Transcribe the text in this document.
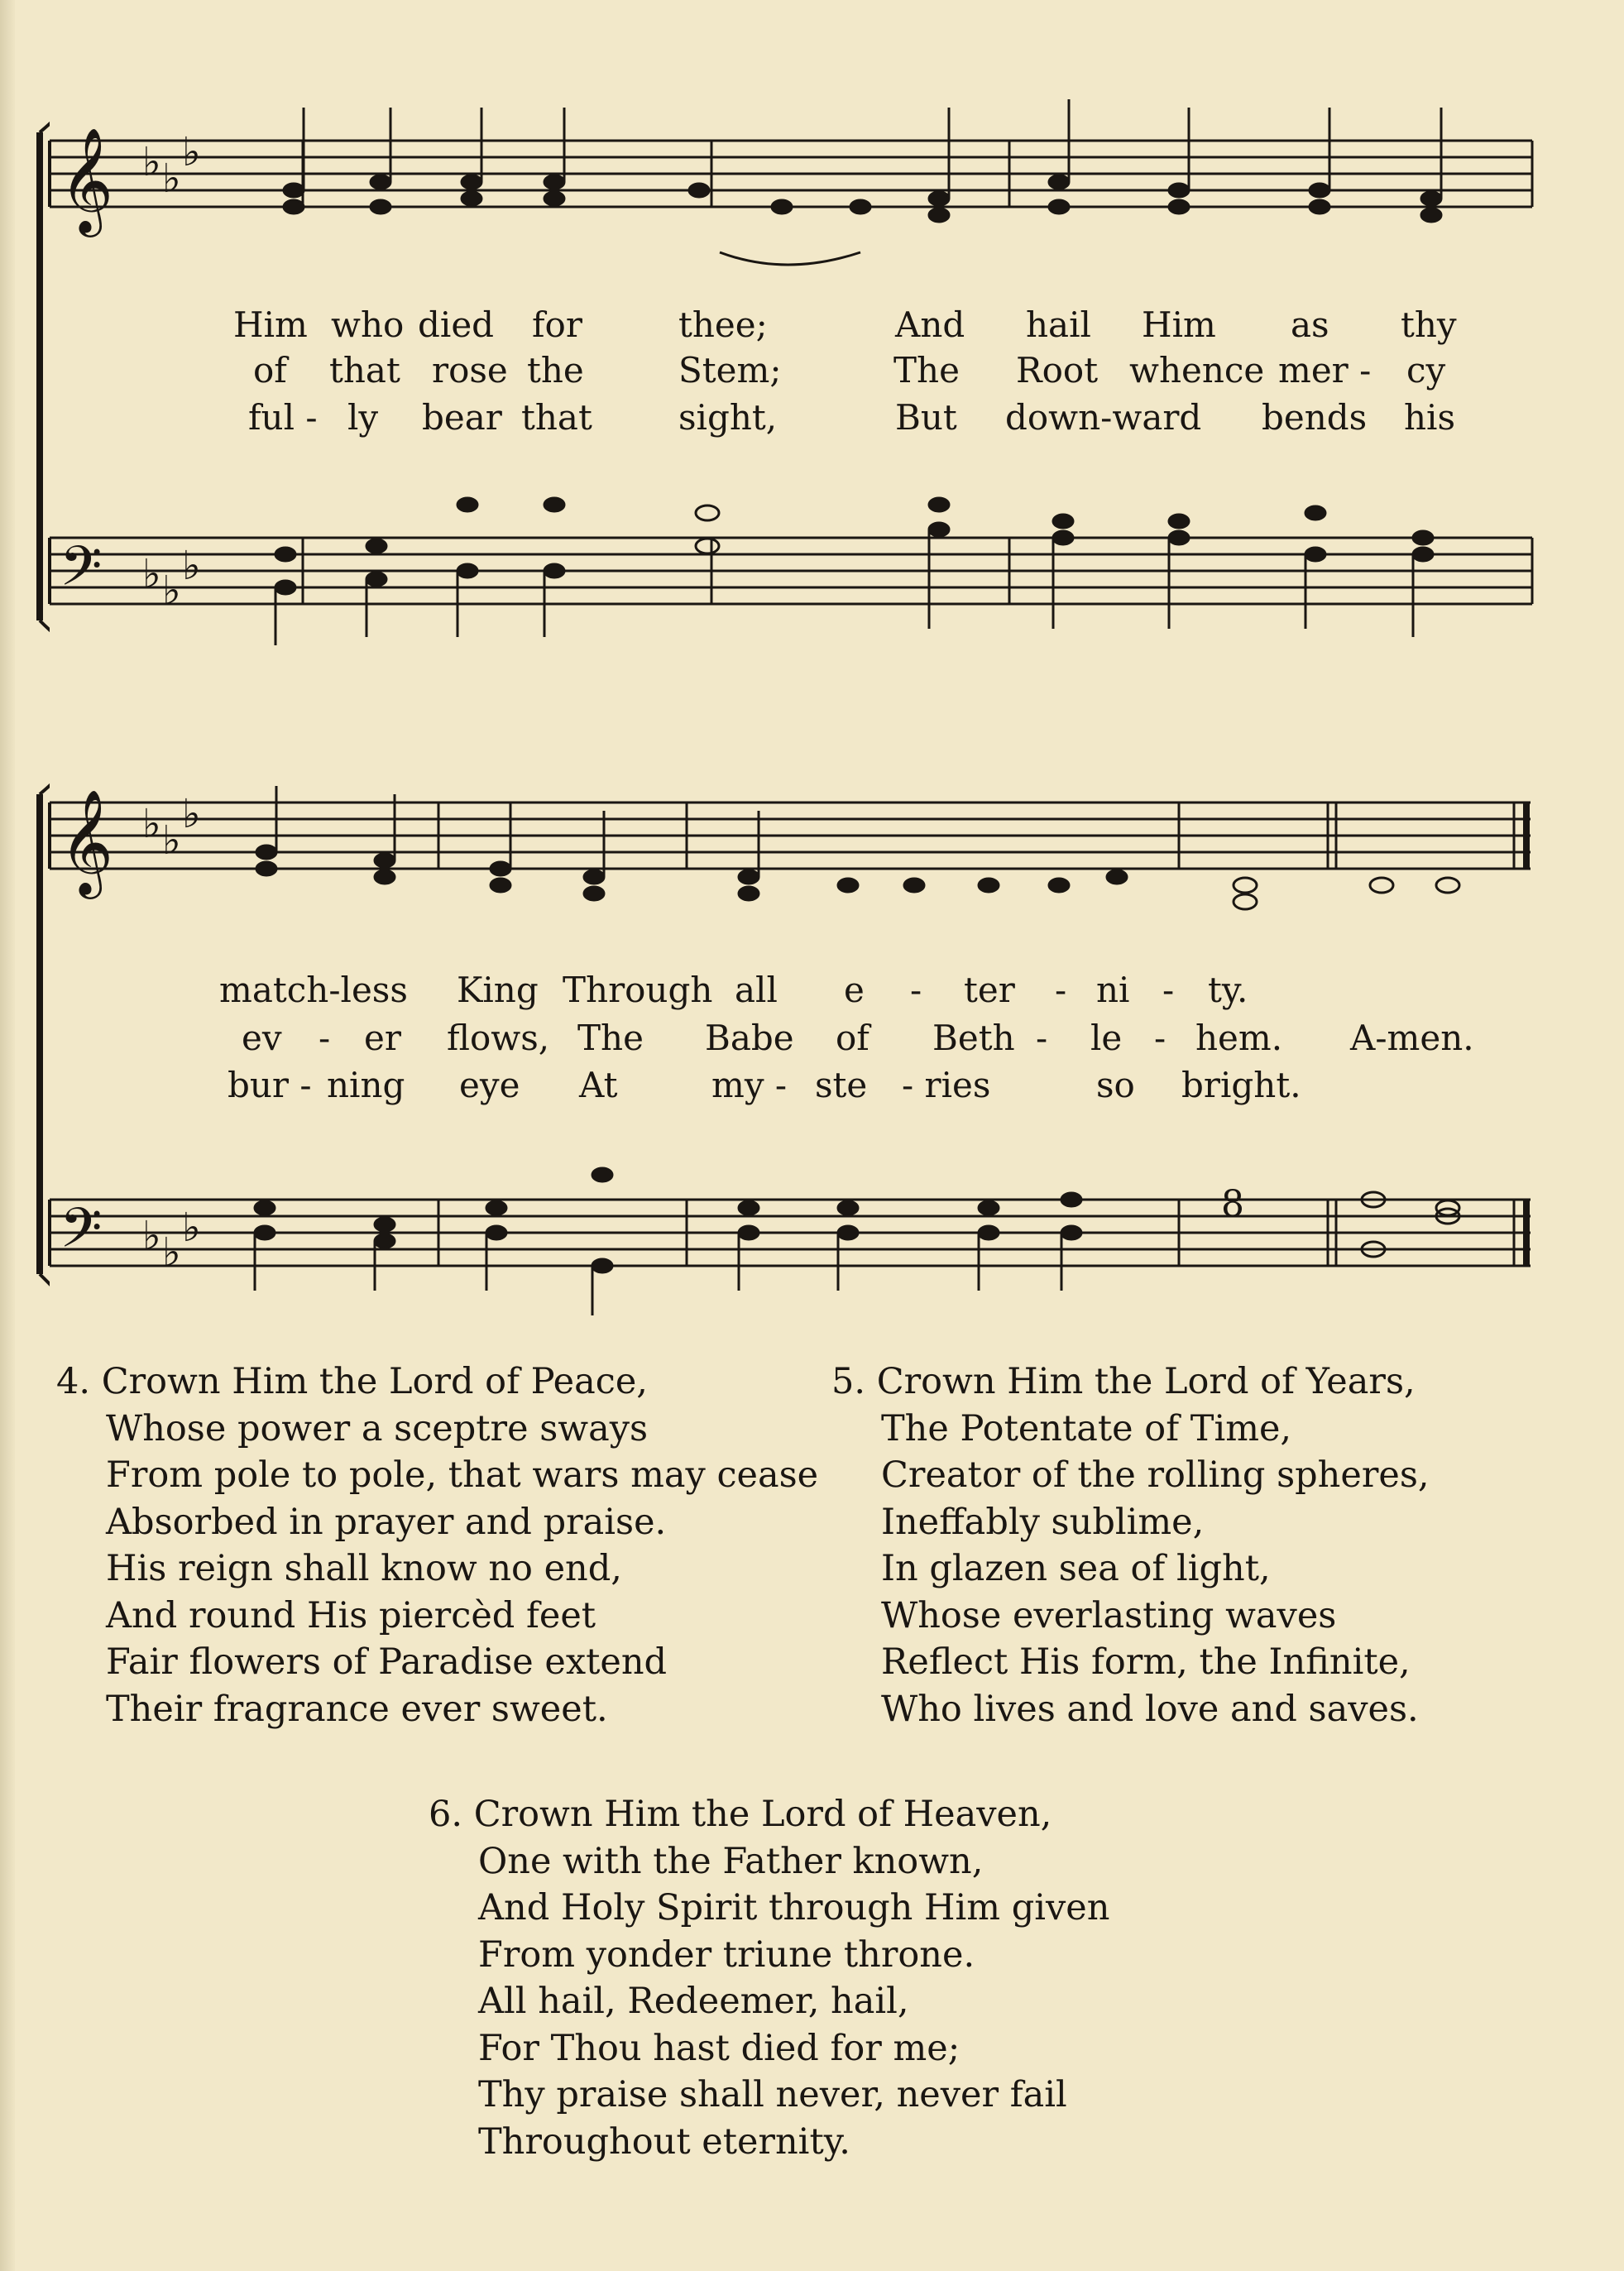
𝄞 ♭ ♭
♭
Him who died for	thee;	And hail Him as thy
of that rose the	Stem;	The Root whence mer - cy
ful - ly bear that sight,	But down-ward bends his
𝄢 ♭ ♭
♭
𝄞 ♭ ♭
♭
match-less King Through all e - ter - ni - ty.
ev - er flows, The Babe of Beth - le - hem. A-men.
bur - ning eye At	my - ste - ries	so bright.
𝄢 ♭ ♭
♭
8
4. Crown Him the Lord of Peace,
Whose power a sceptre sways
From pole to pole, that wars may cease
Absorbed in prayer and praise.
His reign shall know no end,
And round His piercèd feet
Fair flowers of Paradise extend
Their fragrance ever sweet.
5. Crown Him the Lord of Years,
The Potentate of Time,
Creator of the rolling spheres,
Ineffably sublime,
In glazen sea of light,
Whose everlasting waves
Reflect His form, the Infinite,
Who lives and love and saves.
6. Crown Him the Lord of Heaven,
One with the Father known,
And Holy Spirit through Him given
From yonder triune throne.
All hail, Redeemer, hail,
For Thou hast died for me;
Thy praise shall never, never fail
Throughout eternity.
